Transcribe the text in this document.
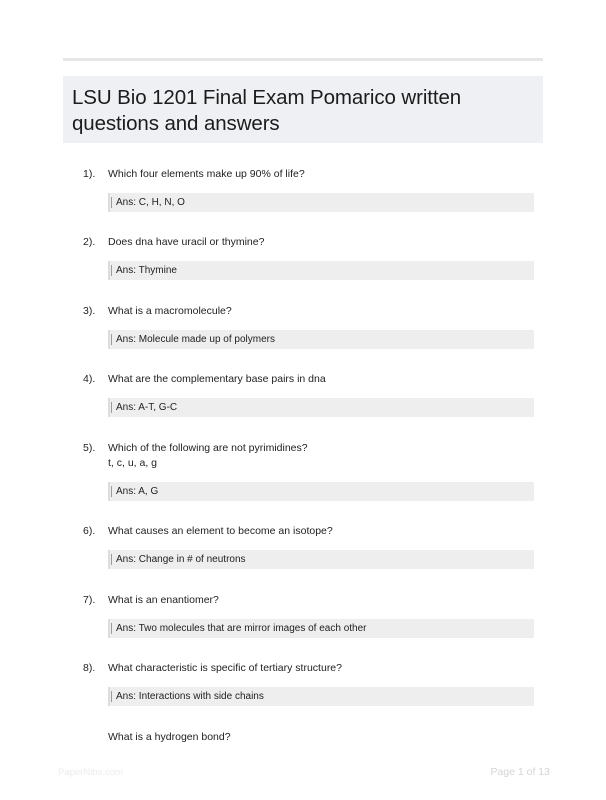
LSU Bio 1201 Final Exam Pomarico written questions and answers
1). Which four elements make up 90% of life?
Ans: C, H, N, O
2). Does dna have uracil or thymine?
Ans: Thymine
3). What is a macromolecule?
Ans: Molecule made up of polymers
4). What are the complementary base pairs in dna
Ans: A-T, G-C
5). Which of the following are not pyrimidines?
t, c, u, a, g
Ans: A, G
6). What causes an element to become an isotope?
Ans: Change in # of neutrons
7). What is an enantiomer?
Ans: Two molecules that are mirror images of each other
8). What characteristic is specific of tertiary structure?
Ans: Interactions with side chains
What is a hydrogen bond?
PaperNibs.com	Page 1 of 13
